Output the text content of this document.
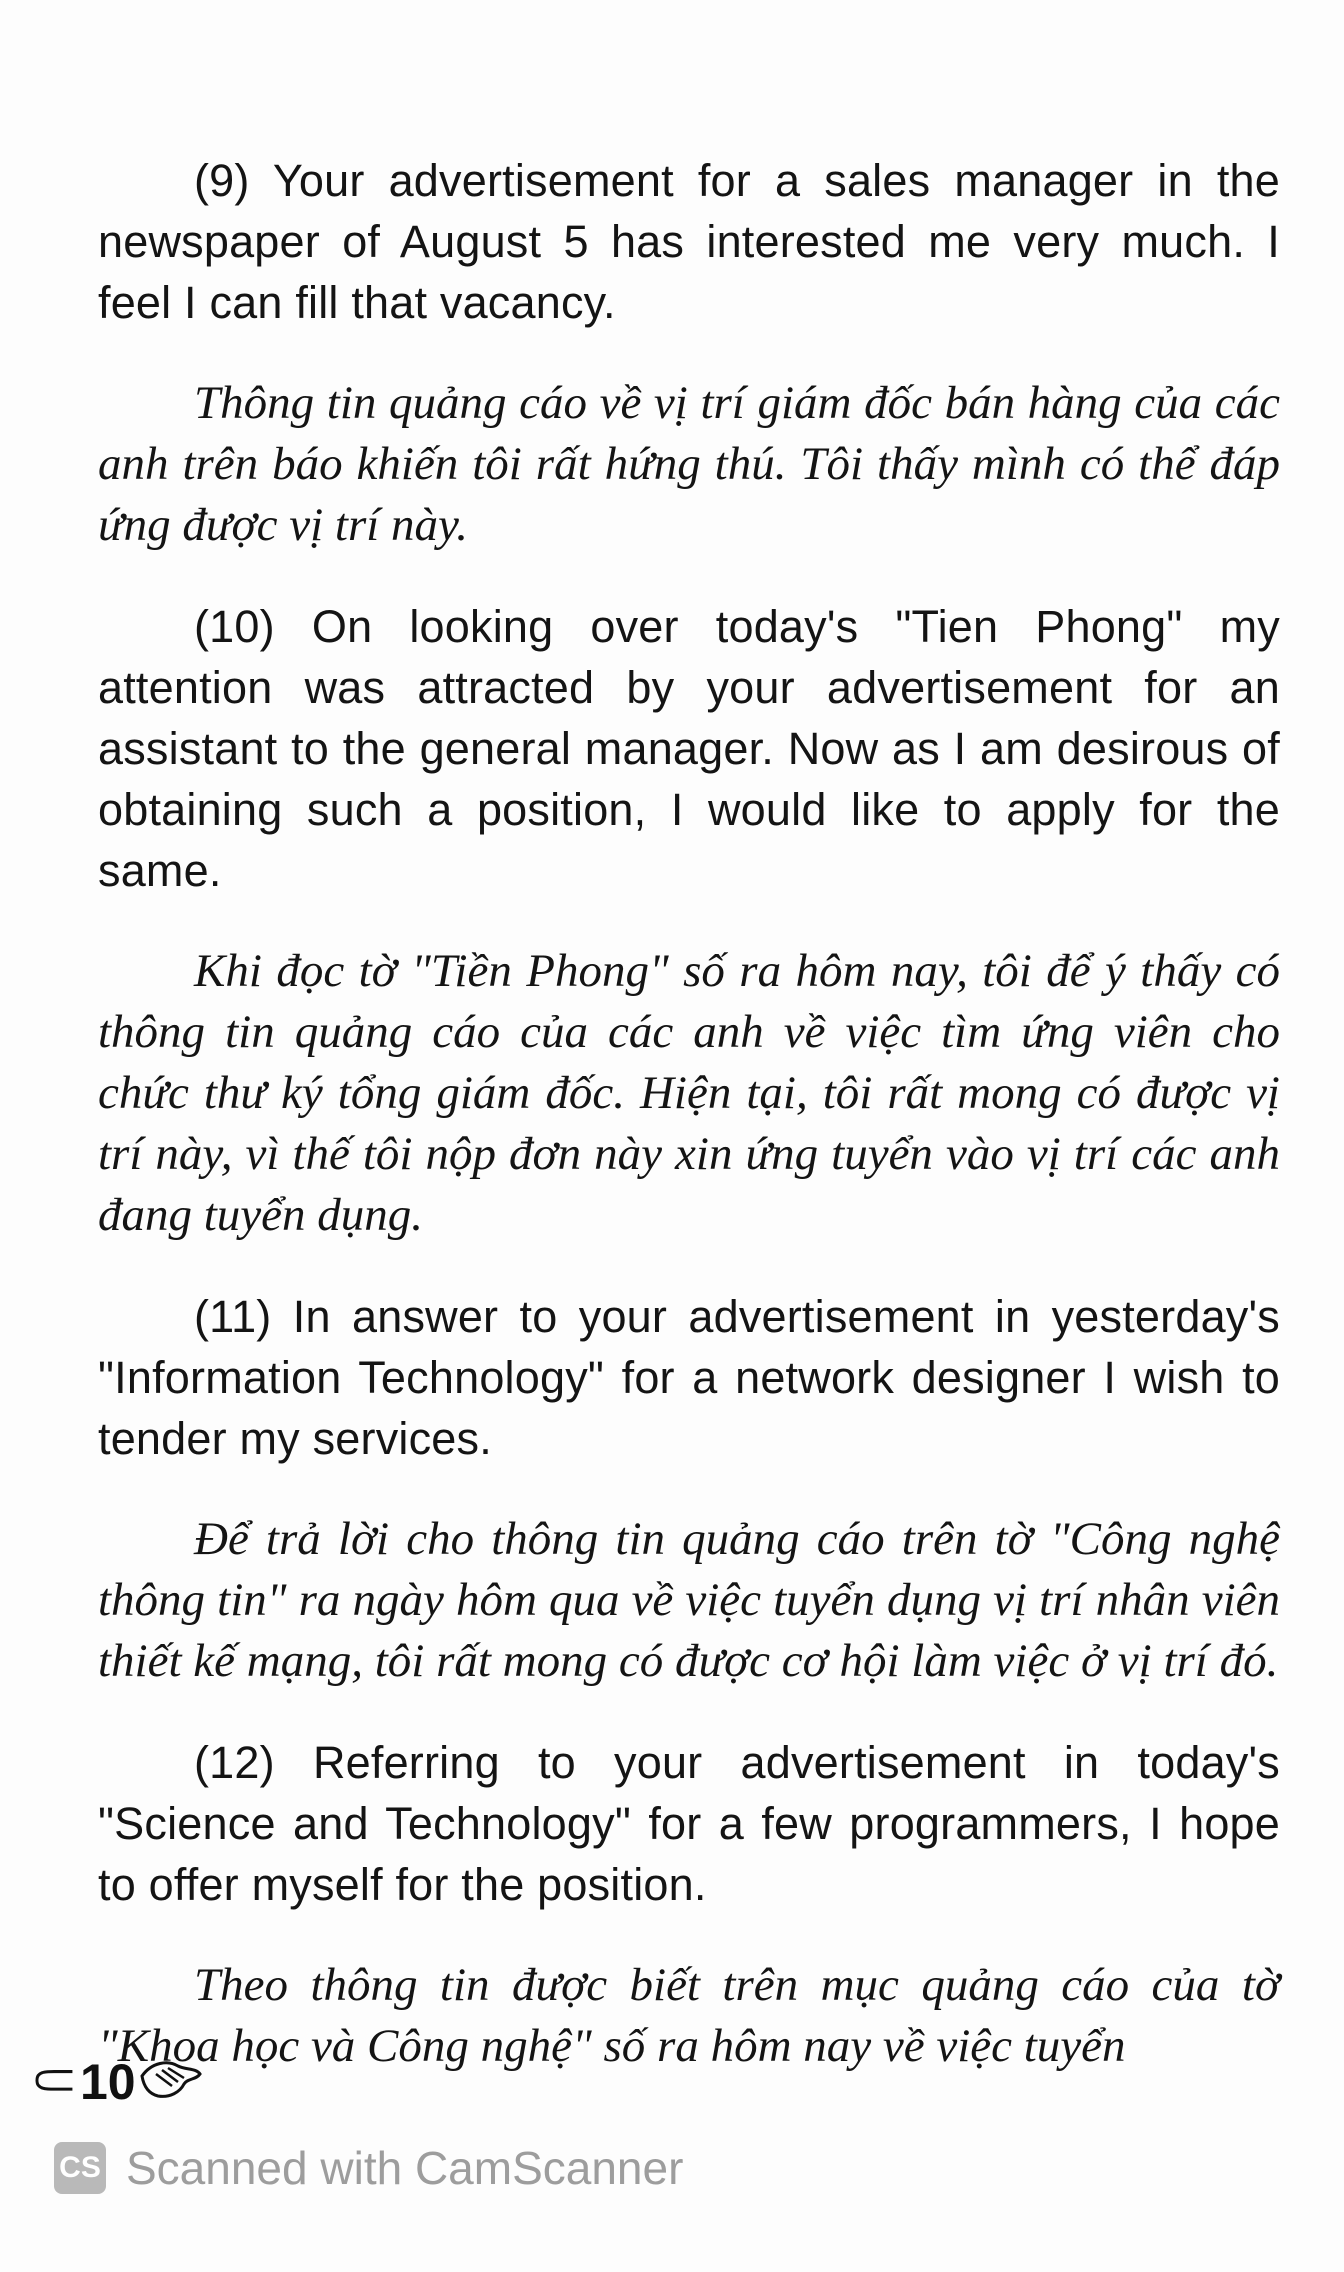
(9) Your advertisement for a sales manager in the newspaper of August 5 has interested me very much. I feel I can fill that vacancy.

Thông tin quảng cáo về vị trí giám đốc bán hàng của các anh trên báo khiến tôi rất hứng thú. Tôi thấy mình có thể đáp ứng được vị trí này.

(10) On looking over today's "Tien Phong" my attention was attracted by your advertisement for an assistant to the general manager. Now as I am desirous of obtaining such a position, I would like to apply for the same.

Khi đọc tờ "Tiền Phong" số ra hôm nay, tôi để ý thấy có thông tin quảng cáo của các anh về việc tìm ứng viên cho chức thư ký tổng giám đốc. Hiện tại, tôi rất mong có được vị trí này, vì thế tôi nộp đơn này xin ứng tuyển vào vị trí các anh đang tuyển dụng.

(11) In answer to your advertisement in yesterday's "Information Technology" for a network designer I wish to tender my services.

Để trả lời cho thông tin quảng cáo trên tờ "Công nghệ thông tin" ra ngày hôm qua về việc tuyển dụng vị trí nhân viên thiết kế mạng, tôi rất mong có được cơ hội làm việc ở vị trí đó.

(12) Referring to your advertisement in today's "Science and Technology" for a few programmers, I hope to offer myself for the position.

Theo thông tin được biết trên mục quảng cáo của tờ "Khoa học và Công nghệ" số ra hôm nay về việc tuyển

⸦
10
CS Scanned with CamScanner
